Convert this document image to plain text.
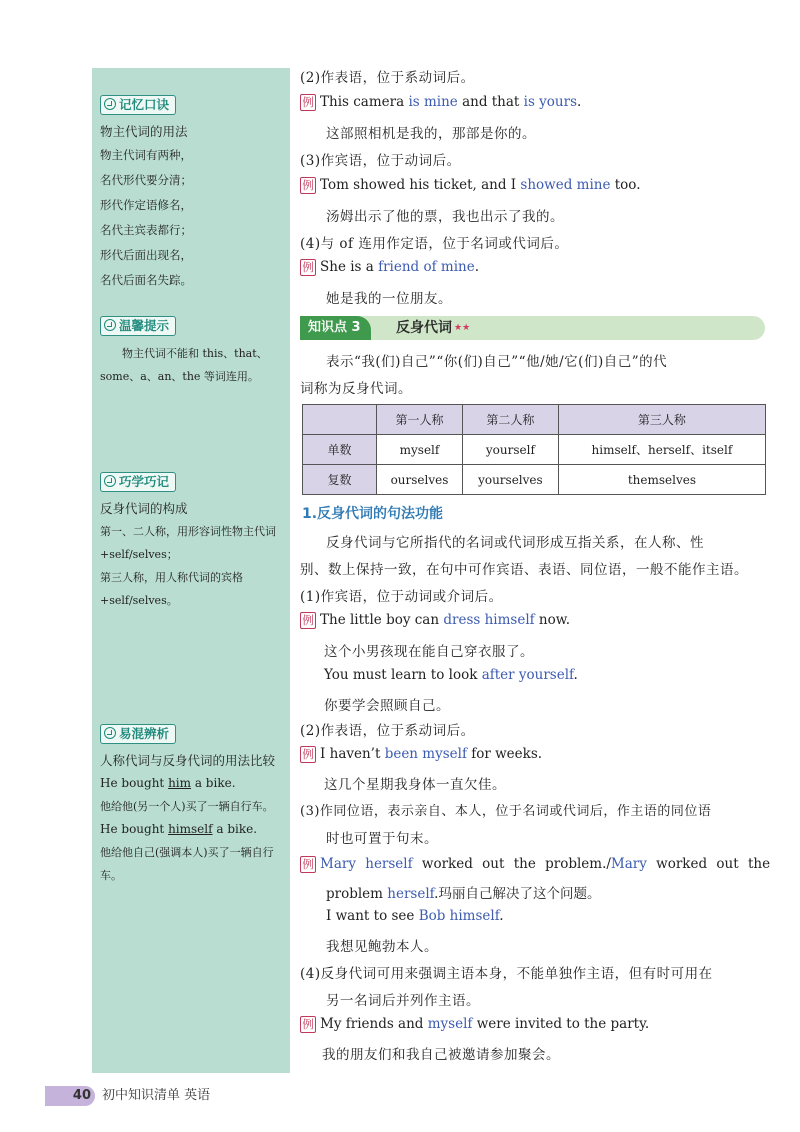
记忆口诀
物主代词的用法
物主代词有两种，
名代形代要分清；
形代作定语修名，
名代主宾表都行；
形代后面出现名，
名代后面名失踪。
温馨提示
物主代词不能和 this、that、some、a、an、the 等词连用。
巧学巧记
反身代词的构成
第一、二人称，用形容词性物主代词+self/selves；
第三人称，用人称代词的宾格+self/selves。
易混辨析
人称代词与反身代词的用法比较
He bought him a bike.
他给他(另一个人)买了一辆自行车。
He bought himself a bike.
他给他自己(强调本人)买了一辆自行车。
(2)作表语，位于系动词后。
例 This camera is mine and that is yours.
这部照相机是我的，那部是你的。
(3)作宾语，位于动词后。
例 Tom showed his ticket, and I showed mine too.
汤姆出示了他的票，我也出示了我的。
(4)与 of 连用作定语，位于名词或代词后。
例 She is a friend of mine.
她是我的一位朋友。
表示“我(们)自己”“你(们)自己”“他/她/它(们)自己”的代
词称为反身代词。
反身代词与它所指代的名词或代词形成互指关系，在人称、性
别、数上保持一致，在句中可作宾语、表语、同位语，一般不能作主语。
(1)作宾语，位于动词或介词后。
例 The little boy can dress himself now.
这个小男孩现在能自己穿衣服了。
You must learn to look after yourself.
你要学会照顾自己。
(2)作表语，位于系动词后。
例 I haven’t been myself for weeks.
这几个星期我身体一直欠佳。
(3)作同位语，表示亲自、本人，位于名词或代词后，作主语的同位语
时也可置于句末。
例 Mary herself worked out the problem./Mary worked out the
problem herself.玛丽自己解决了这个问题。
I want to see Bob himself.
我想见鲍勃本人。
(4)反身代词可用来强调主语本身，不能单独作主语，但有时可用在
另一名词后并列作主语。
例 My friends and myself were invited to the party.
我的朋友们和我自己被邀请参加聚会。
知识点 3	反身代词 ★★
	第一人称	第二人称	第三人称
单数	myself	yourself	himself、herself、itself
复数	ourselves	yourselves	themselves
1.反身代词的句法功能
40 初中知识清单 英语
